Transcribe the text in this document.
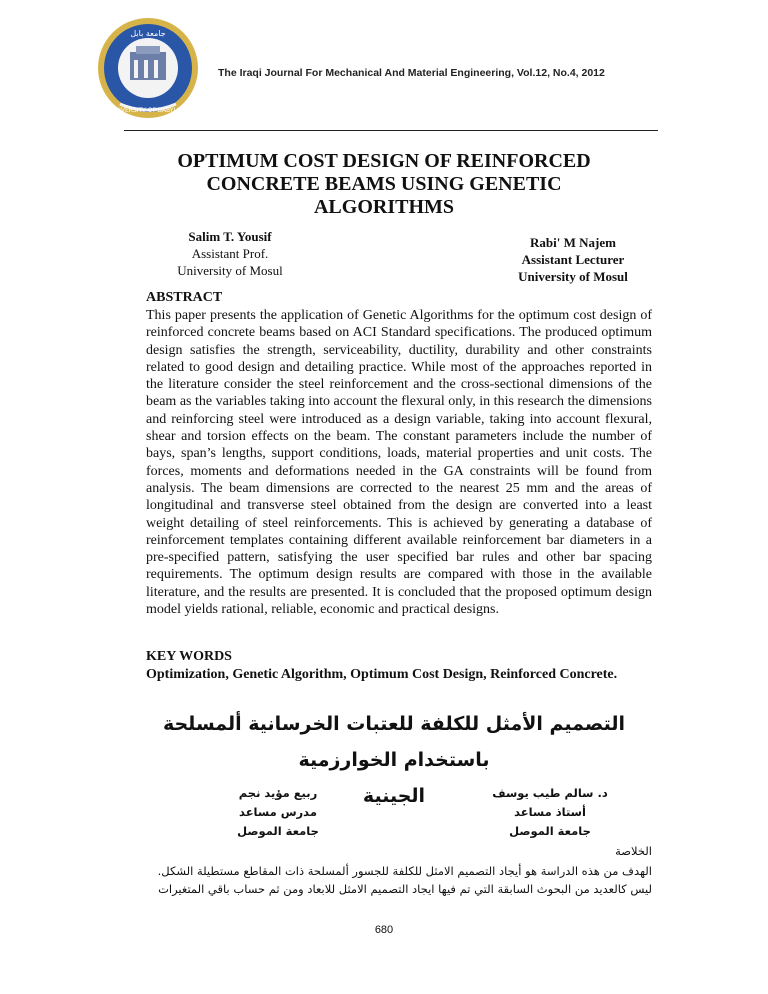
جامعة بابل
UNIVERSITY OF BABYLON
The Iraqi Journal For Mechanical And Material Engineering, Vol.12, No.4, 2012
OPTIMUM COST DESIGN OF REINFORCED CONCRETE BEAMS USING GENETIC ALGORITHMS
Salim T. Yousif
Assistant Prof.
University of Mosul
Rabi' M Najem
Assistant Lecturer
University of Mosul
ABSTRACT
This paper presents the application of Genetic Algorithms for the optimum cost design of reinforced concrete beams based on ACI Standard specifications. The produced optimum design satisfies the strength, serviceability, ductility, durability and other constraints related to good design and detailing practice. While most of the approaches reported in the literature consider the steel reinforcement and the cross-sectional dimensions of the beam as the variables taking into account the flexural only, in this research the dimensions and reinforcing steel were introduced as a design variable, taking into account flexural, shear and torsion effects on the beam. The constant parameters include the number of bays, span’s lengths, support conditions, loads, material properties and unit costs. The forces, moments and deformations needed in the GA constraints will be found from analysis. The beam dimensions are corrected to the nearest 25 mm and the areas of longitudinal and transverse steel obtained from the design are converted into a least weight detailing of steel reinforcements. This is achieved by generating a database of reinforcement templates containing different available reinforcement bar diameters in a pre-specified pattern, satisfying the user specified bar rules and other bar spacing requirements. The optimum design results are compared with those in the available literature, and the results are presented. It is concluded that the proposed optimum design model yields rational, reliable, economic and practical designs.
KEY WORDS
Optimization, Genetic Algorithm, Optimum Cost Design, Reinforced Concrete.
التصميم الأمثل للكلفة للعتبات الخرسانية ألمسلحة باستخدام الخوارزمية
الجينية	د. سالم طيب يوسف
أستاذ مساعد
جامعة الموصل
ربيع مؤيد نجم
مدرس مساعد
جامعة الموصل
الخلاصة
الهدف من هذه الدراسة هو أيجاد التصميم الامثل للكلفة للجسور ألمسلحة ذات المقاطع مستطيلة الشكل.
ليس كالعديد من البحوث السابقة التي تم فيها ايجاد التصميم الامثل للابعاد ومن ثم حساب باقي المتغيرات
680
